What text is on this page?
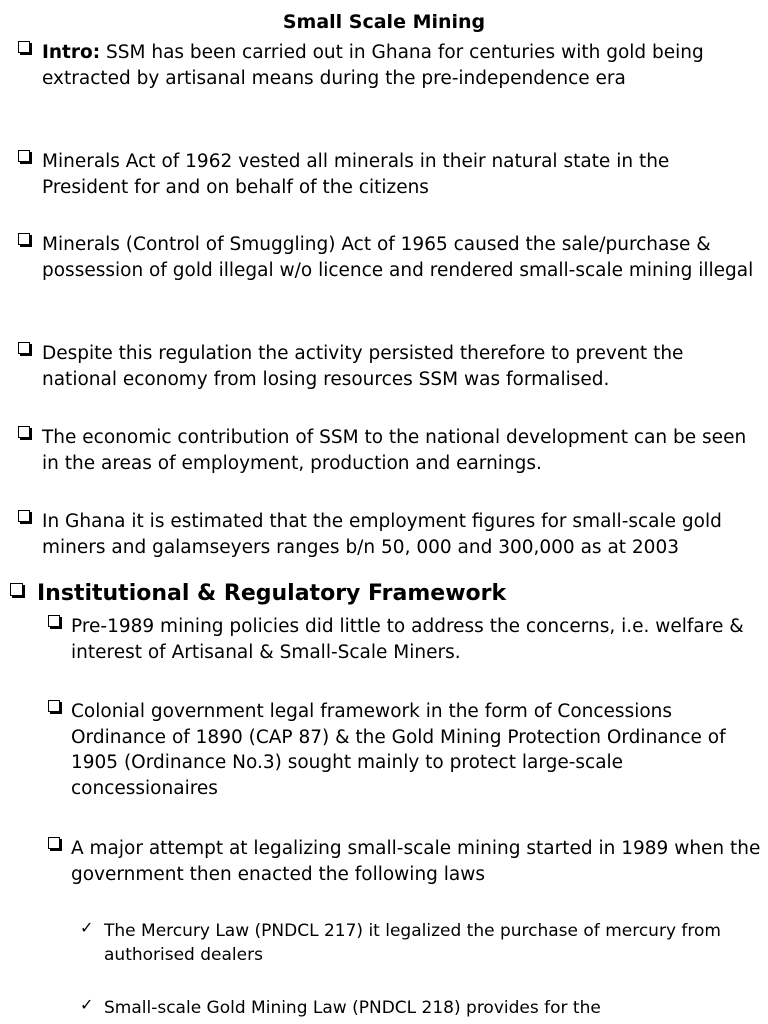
Small Scale Mining
Intro: SSM has been carried out in Ghana for centuries with gold being extracted by artisanal means during the pre-independence era
Minerals Act of 1962 vested all minerals in their natural state in the President for and on behalf of the citizens
Minerals (Control of Smuggling) Act of 1965 caused the sale/purchase & possession of gold illegal w/o licence and rendered small-scale mining illegal
Despite this regulation the activity persisted therefore to prevent the national economy from losing resources SSM was formalised.
The economic contribution of SSM to the national development can be seen in the areas of employment, production and earnings.
In Ghana it is estimated that the employment figures for small-scale gold miners and galamseyers ranges b/n 50, 000 and 300,000 as at 2003
Institutional & Regulatory Framework
Pre-1989 mining policies did little to address the concerns, i.e. welfare & interest of Artisanal & Small-Scale Miners.
Colonial government legal framework in the form of Concessions Ordinance of 1890 (CAP 87) & the Gold Mining Protection Ordinance of 1905 (Ordinance No.3) sought mainly to protect large-scale concessionaires
A major attempt at legalizing small-scale mining started in 1989 when the government then enacted the following laws
✓ The Mercury Law (PNDCL 217) it legalized the purchase of mercury from authorised dealers
✓ Small-scale Gold Mining Law (PNDCL 218) provides for the
